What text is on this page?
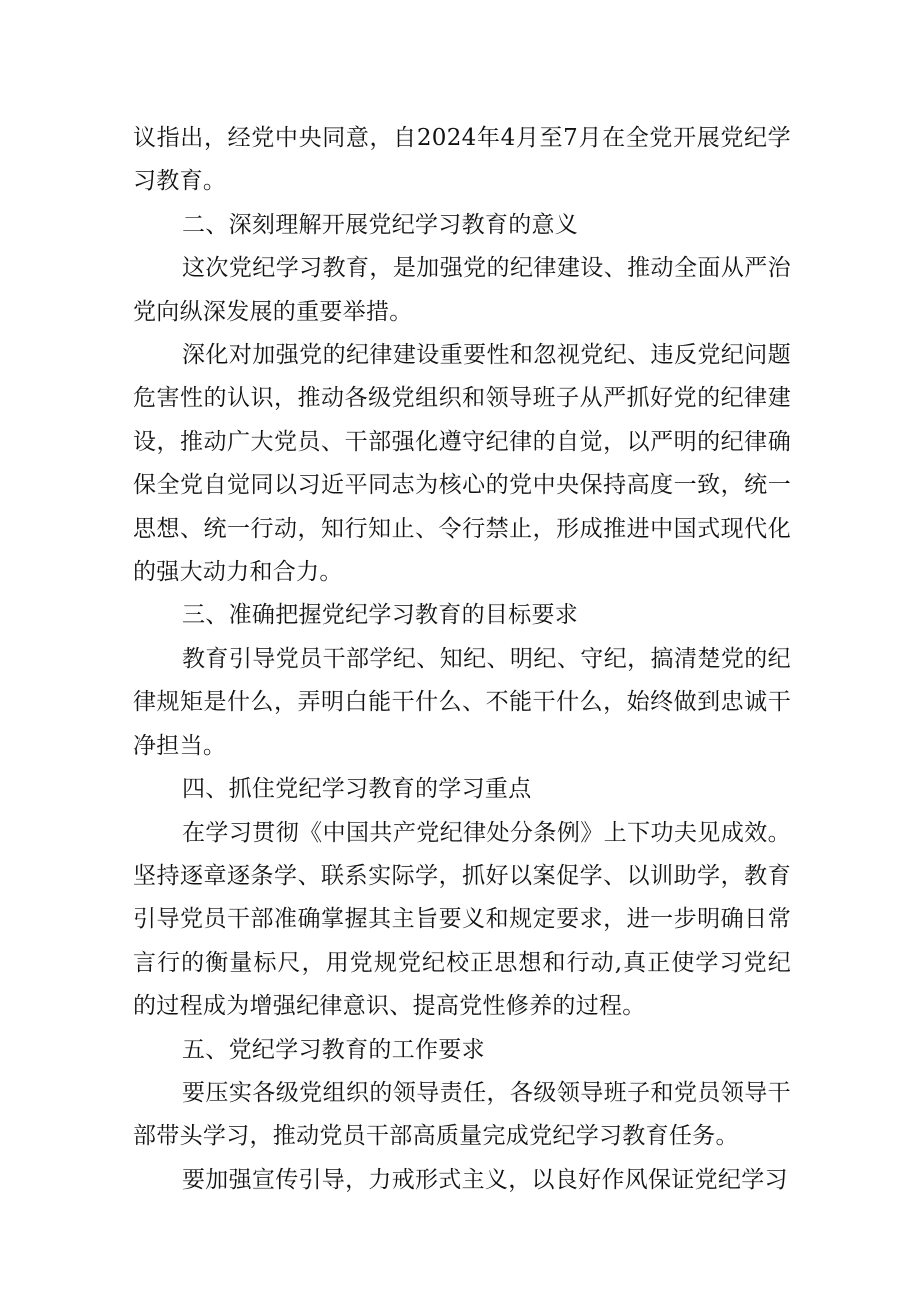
议指出，经党中央同意，自2024年4月至7月在全党开展党纪学习教育。

二、深刻理解开展党纪学习教育的意义

这次党纪学习教育，是加强党的纪律建设、推动全面从严治党向纵深发展的重要举措。

深化对加强党的纪律建设重要性和忽视党纪、违反党纪问题危害性的认识，推动各级党组织和领导班子从严抓好党的纪律建设，推动广大党员、干部强化遵守纪律的自觉，以严明的纪律确保全党自觉同以习近平同志为核心的党中央保持高度一致，统一思想、统一行动，知行知止、令行禁止，形成推进中国式现代化的强大动力和合力。

三、准确把握党纪学习教育的目标要求

教育引导党员干部学纪、知纪、明纪、守纪，搞清楚党的纪律规矩是什么，弄明白能干什么、不能干什么，始终做到忠诚干净担当。

四、抓住党纪学习教育的学习重点

在学习贯彻《中国共产党纪律处分条例》上下功夫见成效。坚持逐章逐条学、联系实际学，抓好以案促学、以训助学，教育引导党员干部准确掌握其主旨要义和规定要求，进一步明确日常言行的衡量标尺，用党规党纪校正思想和行动,真正使学习党纪的过程成为增强纪律意识、提高党性修养的过程。

五、党纪学习教育的工作要求

要压实各级党组织的领导责任，各级领导班子和党员领导干部带头学习，推动党员干部高质量完成党纪学习教育任务。

要加强宣传引导，力戒形式主义，以良好作风保证党纪学习
